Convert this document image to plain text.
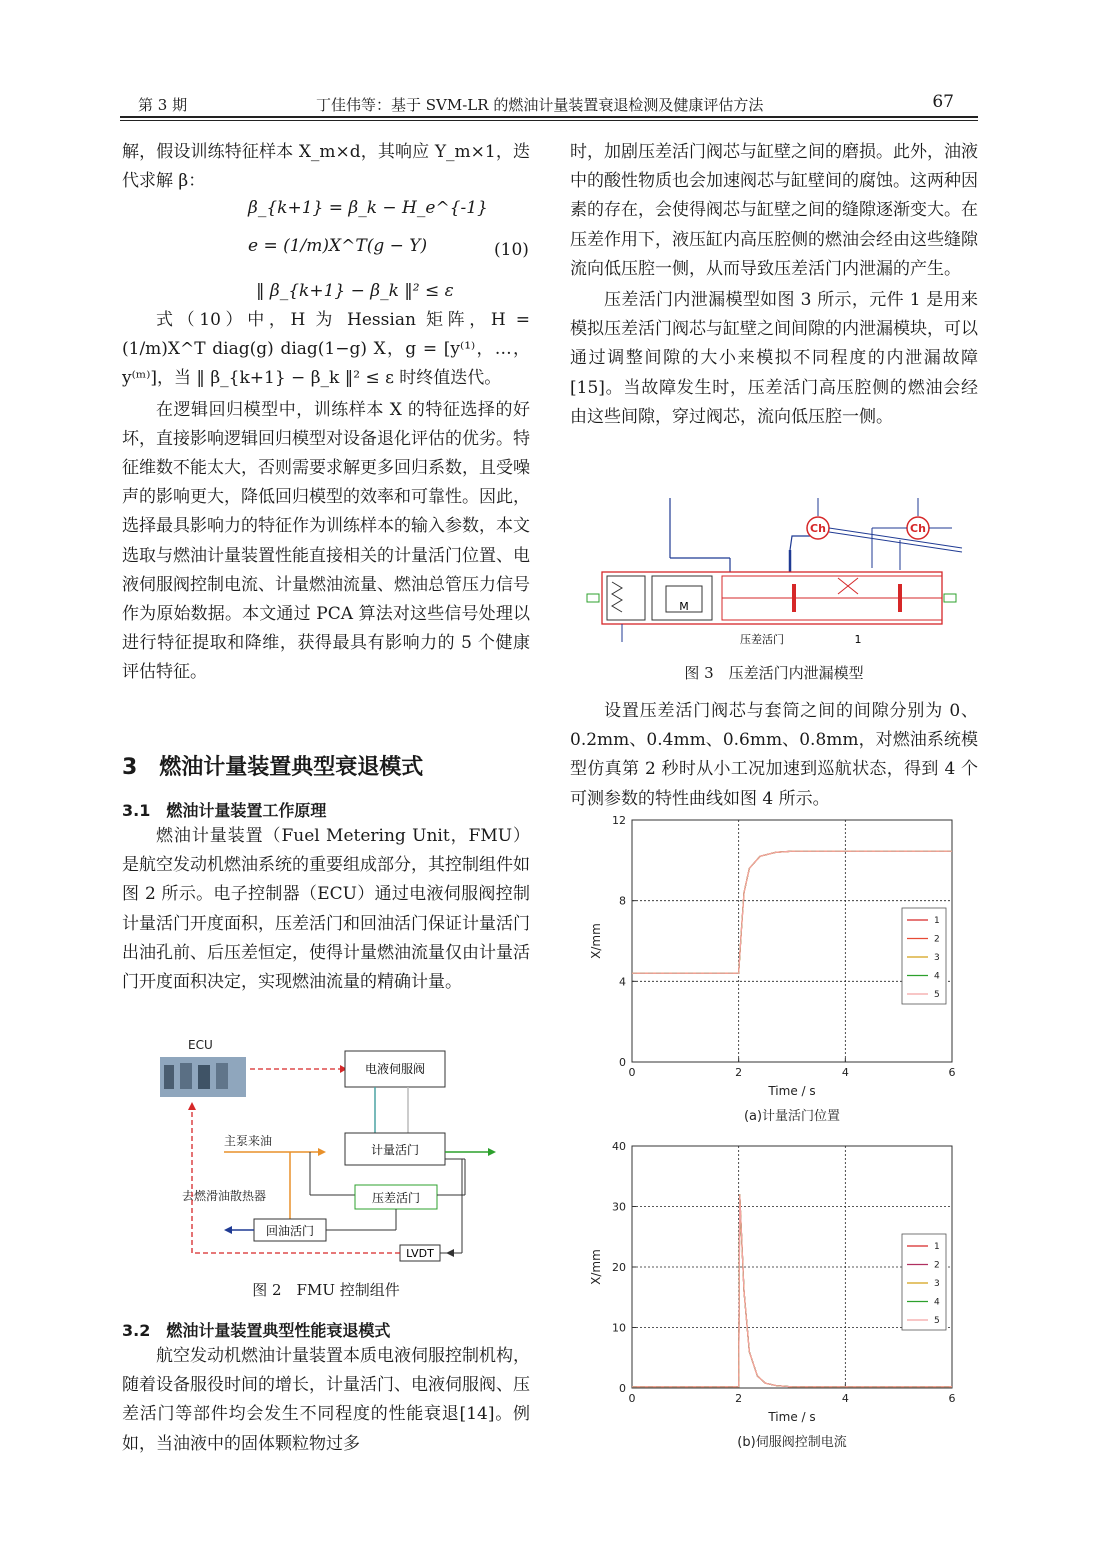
第 3 期	丁佳伟等：基于 SVM-LR 的燃油计量装置衰退检测及健康评估方法	67

解，假设训练特征样本 X_m×d，其响应 Y_m×1，迭代求解 β：

β_{k+1} = β_k − H_e^{-1}
e = (1/m)X^T(g − Y)	(10)
‖ β_{k+1} − β_k ‖² ≤ ε

式（10）中，H 为 Hessian 矩阵，H = (1/m)X^T diag(g) diag(1−g) X，g = [y⁽¹⁾，…，y⁽ᵐ⁾]，当 ‖ β_{k+1} − β_k ‖² ≤ ε 时终值迭代。

在逻辑回归模型中，训练样本 X 的特征选择的好坏，直接影响逻辑回归模型对设备退化评估的优劣。特征维数不能太大，否则需要求解更多回归系数，且受噪声的影响更大，降低回归模型的效率和可靠性。因此，选择最具影响力的特征作为训练样本的输入参数，本文选取与燃油计量装置性能直接相关的计量活门位置、电液伺服阀控制电流、计量燃油流量、燃油总管压力信号作为原始数据。本文通过 PCA 算法对这些信号处理以进行特征提取和降维，获得最具有影响力的 5 个健康评估特征。

3　燃油计量装置典型衰退模式
3.1　燃油计量装置工作原理

燃油计量装置（Fuel Metering Unit，FMU）是航空发动机燃油系统的重要组成部分，其控制组件如图 2 所示。电子控制器（ECU）通过电液伺服阀控制计量活门开度面积，压差活门和回油活门保证计量活门出油孔前、后压差恒定，使得计量燃油流量仅由计量活门开度面积决定，实现燃油流量的精确计量。

ECU
电液伺服阀
计量活门
主泵来油
压差活门
去燃滑油散热器
回油活门
LVDT
图 2　FMU 控制组件
3.2　燃油计量装置典型性能衰退模式

航空发动机燃油计量装置本质电液伺服控制机构，随着设备服役时间的增长，计量活门、电液伺服阀、压差活门等部件均会发生不同程度的性能衰退[14]。例如，当油液中的固体颗粒物过多

时，加剧压差活门阀芯与缸壁之间的磨损。此外，油液中的酸性物质也会加速阀芯与缸壁间的腐蚀。这两种因素的存在，会使得阀芯与缸壁之间的缝隙逐渐变大。在压差作用下，液压缸内高压腔侧的燃油会经由这些缝隙流向低压腔一侧，从而导致压差活门内泄漏的产生。

压差活门内泄漏模型如图 3 所示，元件 1 是用来模拟压差活门阀芯与缸壁之间间隙的内泄漏模块，可以通过调整间隙的大小来模拟不同程度的内泄漏故障[15]。当故障发生时，压差活门高压腔侧的燃油会经由这些间隙，穿过阀芯，流向低压腔一侧。

Ch	Ch
M
压差活门	1
图 3　压差活门内泄漏模型

设置压差活门阀芯与套筒之间的间隙分别为 0、0.2mm、0.4mm、0.6mm、0.8mm，对燃油系统模型仿真第 2 秒时从小工况加速到巡航状态，得到 4 个可测参数的特性曲线如图 4 所示。

0	2	4	6
0
4
8
12
1
2
3
4
5
Time / s
X/mm
(a)计量活门位置
0	2	4	6
0
10
20
30
40
1
2
3
4
5
Time / s
X/mm
(b)伺服阀控制电流
